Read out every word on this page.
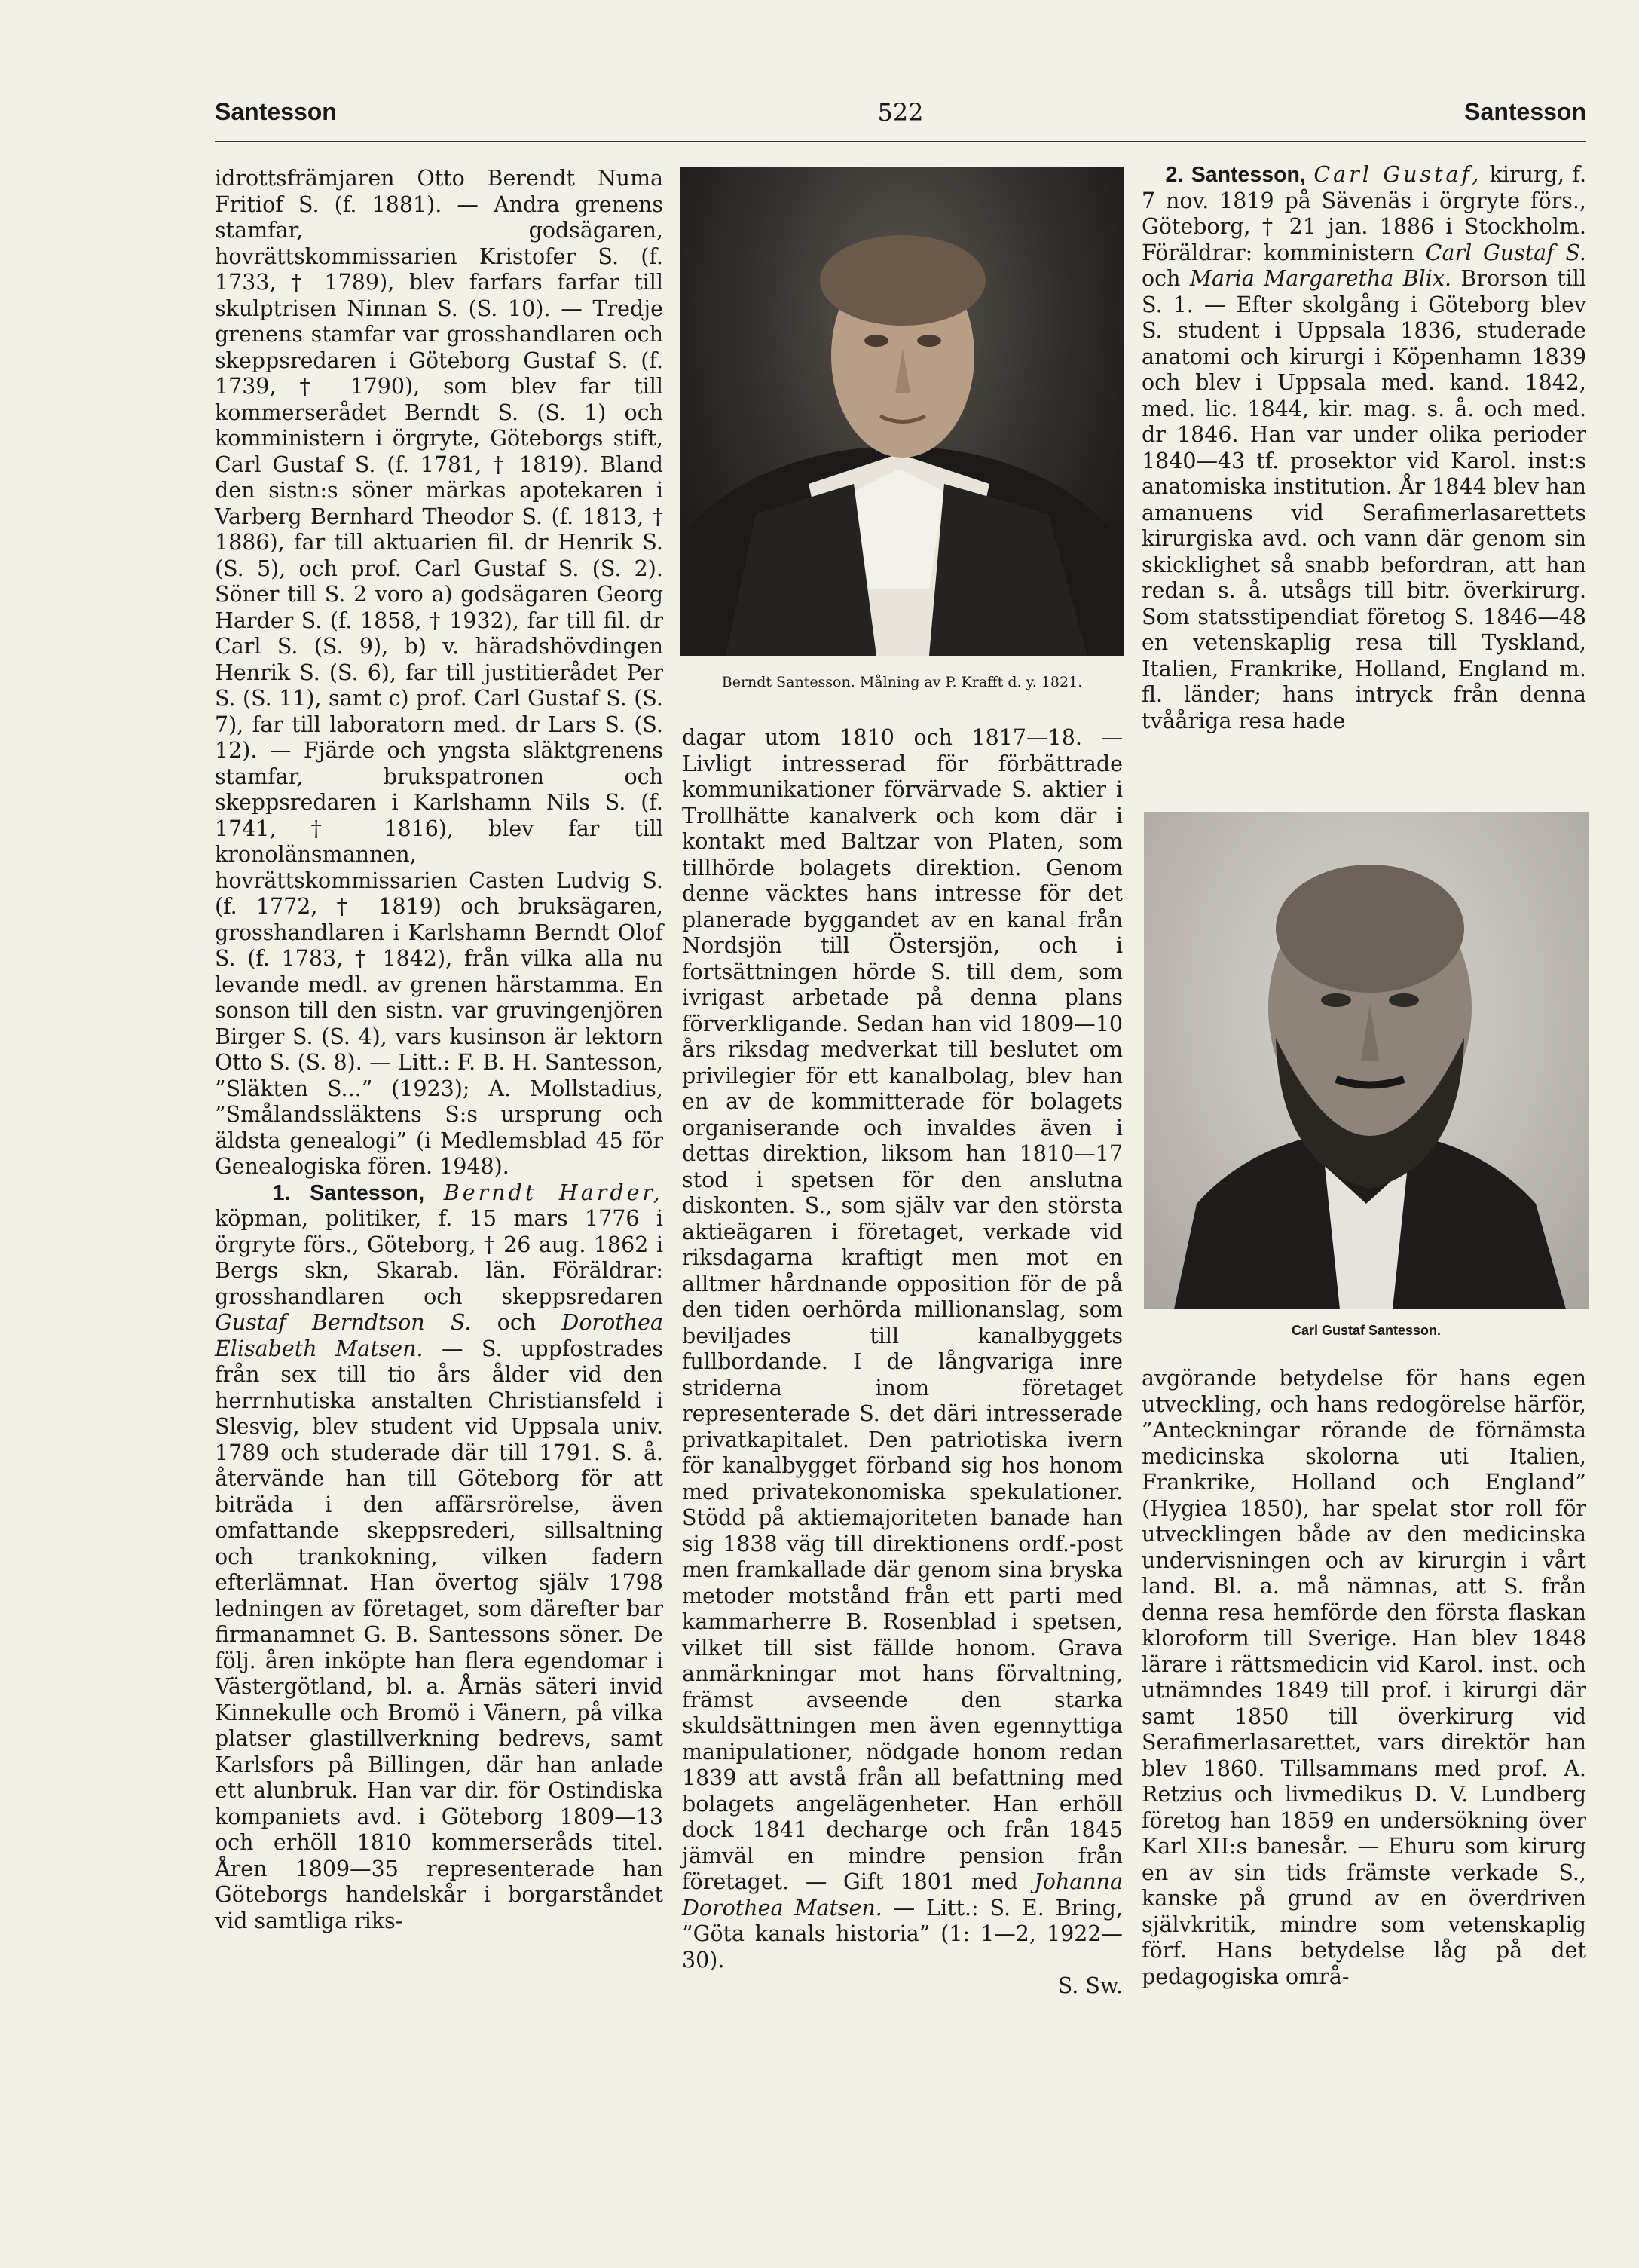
Santesson	522	Santesson

idrottsfrämjaren Otto Berendt Numa Fritiof S. (f. 1881). — Andra grenens stamfar, godsägaren, hovrättskommissarien Kristofer S. (f. 1733, † 1789), blev farfars farfar till skulptrisen Ninnan S. (S. 10). — Tredje grenens stamfar var grosshandlaren och skeppsredaren i Göteborg Gustaf S. (f. 1739, † 1790), som blev far till kommerserådet Berndt S. (S. 1) och komministern i örgryte, Göteborgs stift, Carl Gustaf S. (f. 1781, † 1819). Bland den sistn:s söner märkas apotekaren i Varberg Bernhard Theodor S. (f. 1813, † 1886), far till aktuarien fil. dr Henrik S. (S. 5), och prof. Carl Gustaf S. (S. 2). Söner till S. 2 voro a) godsägaren Georg Harder S. (f. 1858, † 1932), far till fil. dr Carl S. (S. 9), b) v. häradshövdingen Henrik S. (S. 6), far till justitierådet Per S. (S. 11), samt c) prof. Carl Gustaf S. (S. 7), far till laboratorn med. dr Lars S. (S. 12). — Fjärde och yngsta släktgrenens stamfar, brukspatronen och skeppsredaren i Karlshamn Nils S. (f. 1741, † 1816), blev far till kronolänsmannen, hovrättskommissarien Casten Ludvig S. (f. 1772, † 1819) och bruksägaren, grosshandlaren i Karlshamn Berndt Olof S. (f. 1783, † 1842), från vilka alla nu levande medl. av grenen härstamma. En sonson till den sistn. var gruvingenjören Birger S. (S. 4), vars kusinson är lektorn Otto S. (S. 8). — Litt.: F. B. H. Santesson, ”Släkten S...” (1923); A. Mollstadius, ”Smålandssläktens S:s ursprung och äldsta genealogi” (i Medlemsblad 45 för Genealogiska fören. 1948).

1. Santesson, Berndt Harder, köpman, politiker, f. 15 mars 1776 i örgryte förs., Göteborg, † 26 aug. 1862 i Bergs skn, Skarab. län. Föräldrar: grosshandlaren och skeppsredaren Gustaf Berndtson S. och Dorothea Elisabeth Matsen. — S. uppfostrades från sex till tio års ålder vid den herrnhutiska anstalten Christiansfeld i Slesvig, blev student vid Uppsala univ. 1789 och studerade där till 1791. S. å. återvände han till Göteborg för att biträda i den affärsrörelse, även omfattande skeppsrederi, sillsaltning och trankokning, vilken fadern efterlämnat. Han övertog själv 1798 ledningen av företaget, som därefter bar firmanamnet G. B. Santessons söner. De följ. åren inköpte han flera egendomar i Västergötland, bl. a. Årnäs säteri invid Kinnekulle och Bromö i Vänern, på vilka platser glastillverkning bedrevs, samt Karlsfors på Billingen, där han anlade ett alunbruk. Han var dir. för Ostindiska kompaniets avd. i Göteborg 1809—13 och erhöll 1810 kommerseråds titel. Åren 1809—35 representerade han Göteborgs handelskår i borgarståndet vid samtliga riks-

Berndt Santesson. Målning av P. Krafft d. y. 1821.

dagar utom 1810 och 1817—18. — Livligt intresserad för förbättrade kommunikationer förvärvade S. aktier i Trollhätte kanalverk och kom där i kontakt med Baltzar von Platen, som tillhörde bolagets direktion. Genom denne väcktes hans intresse för det planerade byggandet av en kanal från Nordsjön till Östersjön, och i fortsättningen hörde S. till dem, som ivrigast arbetade på denna plans förverkligande. Sedan han vid 1809—10 års riksdag medverkat till beslutet om privilegier för ett kanalbolag, blev han en av de kommitterade för bolagets organiserande och invaldes även i dettas direktion, liksom han 1810—17 stod i spetsen för den anslutna diskonten. S., som själv var den största aktieägaren i företaget, verkade vid riksdagarna kraftigt men mot en alltmer hårdnande opposition för de på den tiden oerhörda millionanslag, som beviljades till kanalbyggets fullbordande. I de långvariga inre striderna inom företaget representerade S. det däri intresserade privatkapitalet. Den patriotiska ivern för kanalbygget förband sig hos honom med privatekonomiska spekulationer. Stödd på aktiemajoriteten banade han sig 1838 väg till direktionens ordf.-post men framkallade där genom sina bryska metoder motstånd från ett parti med kammarherre B. Rosenblad i spetsen, vilket till sist fällde honom. Grava anmärkningar mot hans förvaltning, främst avseende den starka skuldsättningen men även egennyttiga manipulationer, nödgade honom redan 1839 att avstå från all befattning med bolagets angelägenheter. Han erhöll dock 1841 decharge och från 1845 jämväl en mindre pension från företaget. — Gift 1801 med Johanna Dorothea Matsen. — Litt.: S. E. Bring, ”Göta kanals historia” (1: 1—2, 1922—30).

S. Sw.

2. Santesson, Carl Gustaf, kirurg, f. 7 nov. 1819 på Sävenäs i örgryte förs., Göteborg, † 21 jan. 1886 i Stockholm. Föräldrar: komministern Carl Gustaf S. och Maria Margaretha Blix. Brorson till S. 1. — Efter skolgång i Göteborg blev S. student i Uppsala 1836, studerade anatomi och kirurgi i Köpenhamn 1839 och blev i Uppsala med. kand. 1842, med. lic. 1844, kir. mag. s. å. och med. dr 1846. Han var under olika perioder 1840—43 tf. prosektor vid Karol. inst:s anatomiska institution. År 1844 blev han amanuens vid Serafimerlasarettets kirurgiska avd. och vann där genom sin skicklighet så snabb befordran, att han redan s. å. utsågs till bitr. överkirurg. Som statsstipendiat företog S. 1846—48 en vetenskaplig resa till Tyskland, Italien, Frankrike, Holland, England m. fl. länder; hans intryck från denna tvååriga resa hade

Carl Gustaf Santesson.

avgörande betydelse för hans egen utveckling, och hans redogörelse härför, ”Anteckningar rörande de förnämsta medicinska skolorna uti Italien, Frankrike, Holland och England” (Hygiea 1850), har spelat stor roll för utvecklingen både av den medicinska undervisningen och av kirurgin i vårt land. Bl. a. må nämnas, att S. från denna resa hemförde den första flaskan kloroform till Sverige. Han blev 1848 lärare i rättsmedicin vid Karol. inst. och utnämndes 1849 till prof. i kirurgi där samt 1850 till överkirurg vid Serafimerlasarettet, vars direktör han blev 1860. Tillsammans med prof. A. Retzius och livmedikus D. V. Lundberg företog han 1859 en undersökning över Karl XII:s banesår. — Ehuru som kirurg en av sin tids främste verkade S., kanske på grund av en överdriven självkritik, mindre som vetenskaplig förf. Hans betydelse låg på det pedagogiska områ-
